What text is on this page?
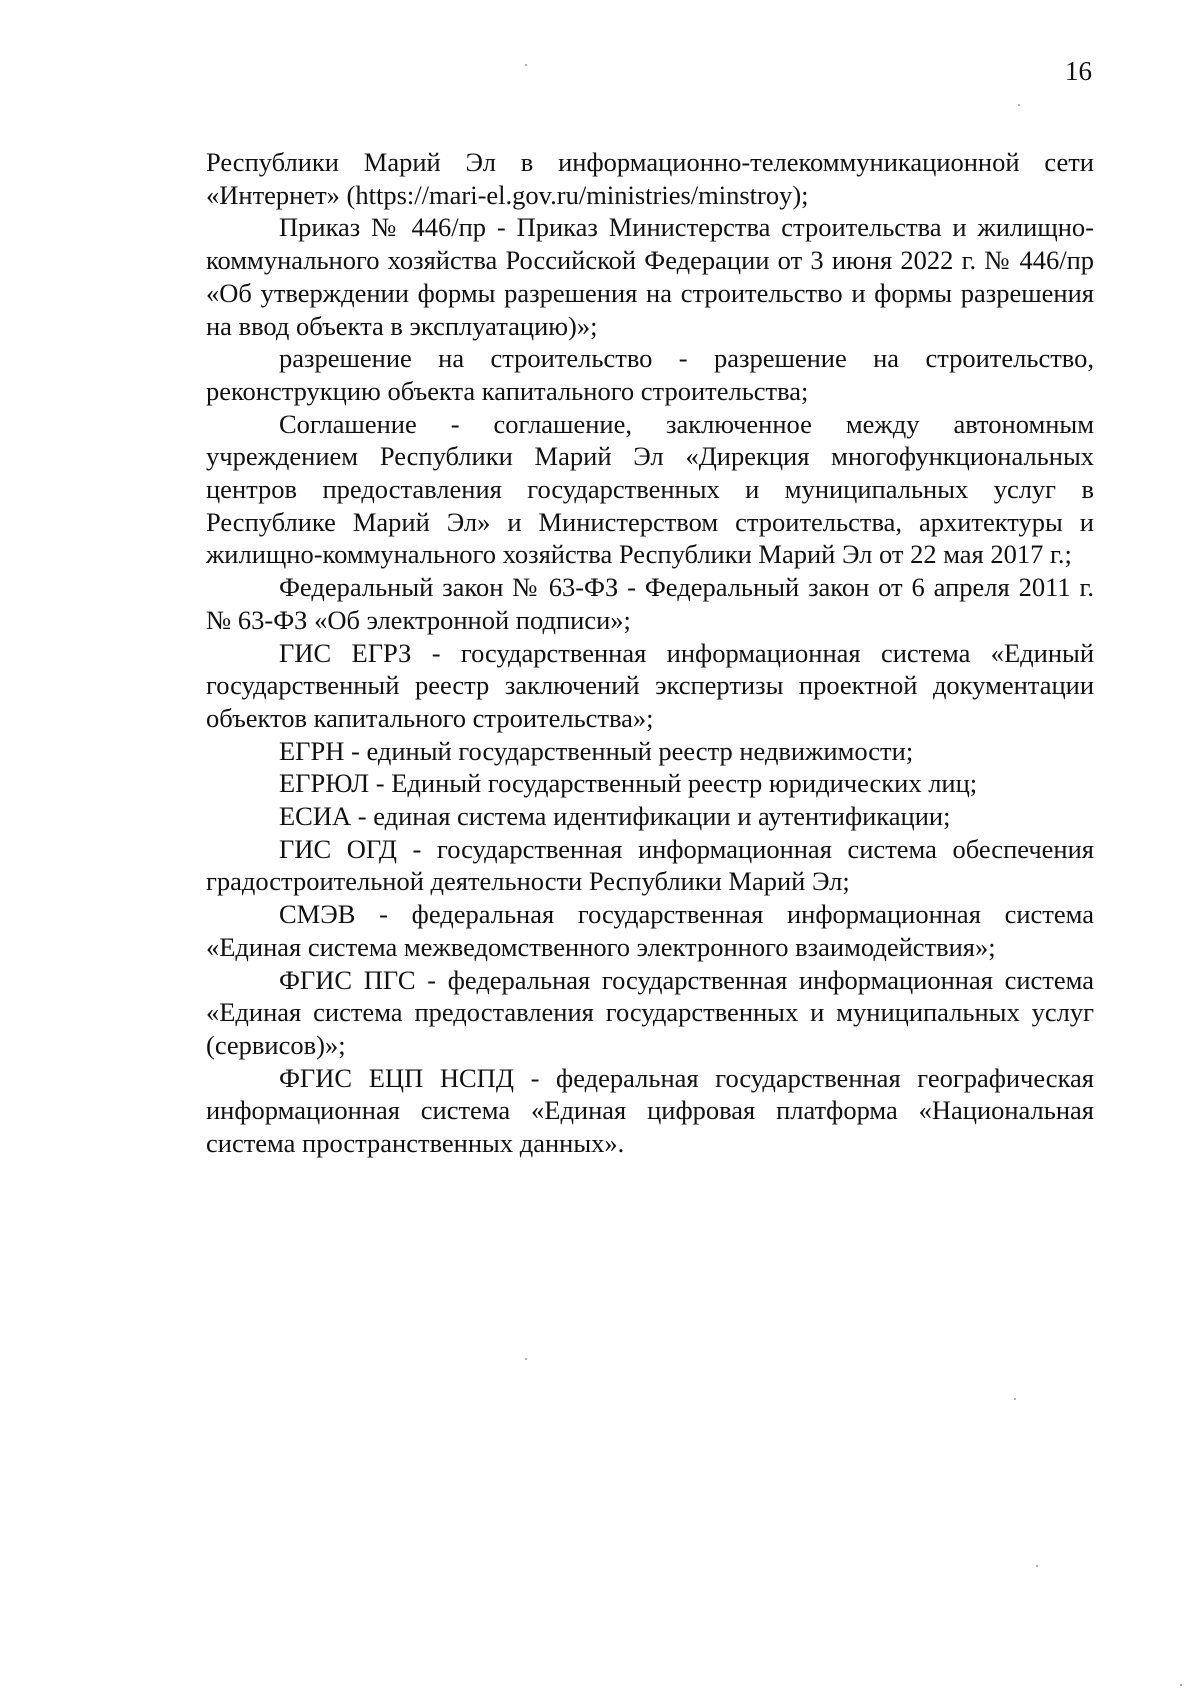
16

Республики Марий Эл в информационно-телекоммуникационной сети «Интернет» (https://mari-el.gov.ru/ministries/minstroy);

Приказ № 446/пр - Приказ Министерства строительства и жилищно-коммунального хозяйства Российской Федерации от 3 июня 2022 г. № 446/пр «Об утверждении формы разрешения на строительство и формы разрешения на ввод объекта в эксплуатацию)»;

разрешение на строительство - разрешение на строительство, реконструкцию объекта капитального строительства;

Соглашение - соглашение, заключенное между автономным учреждением Республики Марий Эл «Дирекция многофункциональных центров предоставления государственных и муниципальных услуг в Республике Марий Эл» и Министерством строительства, архитектуры и жилищно-коммунального хозяйства Республики Марий Эл от 22 мая 2017 г.;

Федеральный закон № 63-ФЗ - Федеральный закон от 6 апреля 2011 г. № 63-ФЗ «Об электронной подписи»;

ГИС ЕГРЗ - государственная информационная система «Единый государственный реестр заключений экспертизы проектной документации объектов капитального строительства»;

ЕГРН - единый государственный реестр недвижимости;

ЕГРЮЛ - Единый государственный реестр юридических лиц;

ЕСИА - единая система идентификации и аутентификации;

ГИС ОГД - государственная информационная система обеспечения градостроительной деятельности Республики Марий Эл;

СМЭВ - федеральная государственная информационная система «Единая система межведомственного электронного взаимодействия»;

ФГИС ПГС - федеральная государственная информационная система «Единая система предоставления государственных и муниципальных услуг (сервисов)»;

ФГИС ЕЦП НСПД - федеральная государственная географическая информационная система «Единая цифровая платформа «Национальная система пространственных данных».
